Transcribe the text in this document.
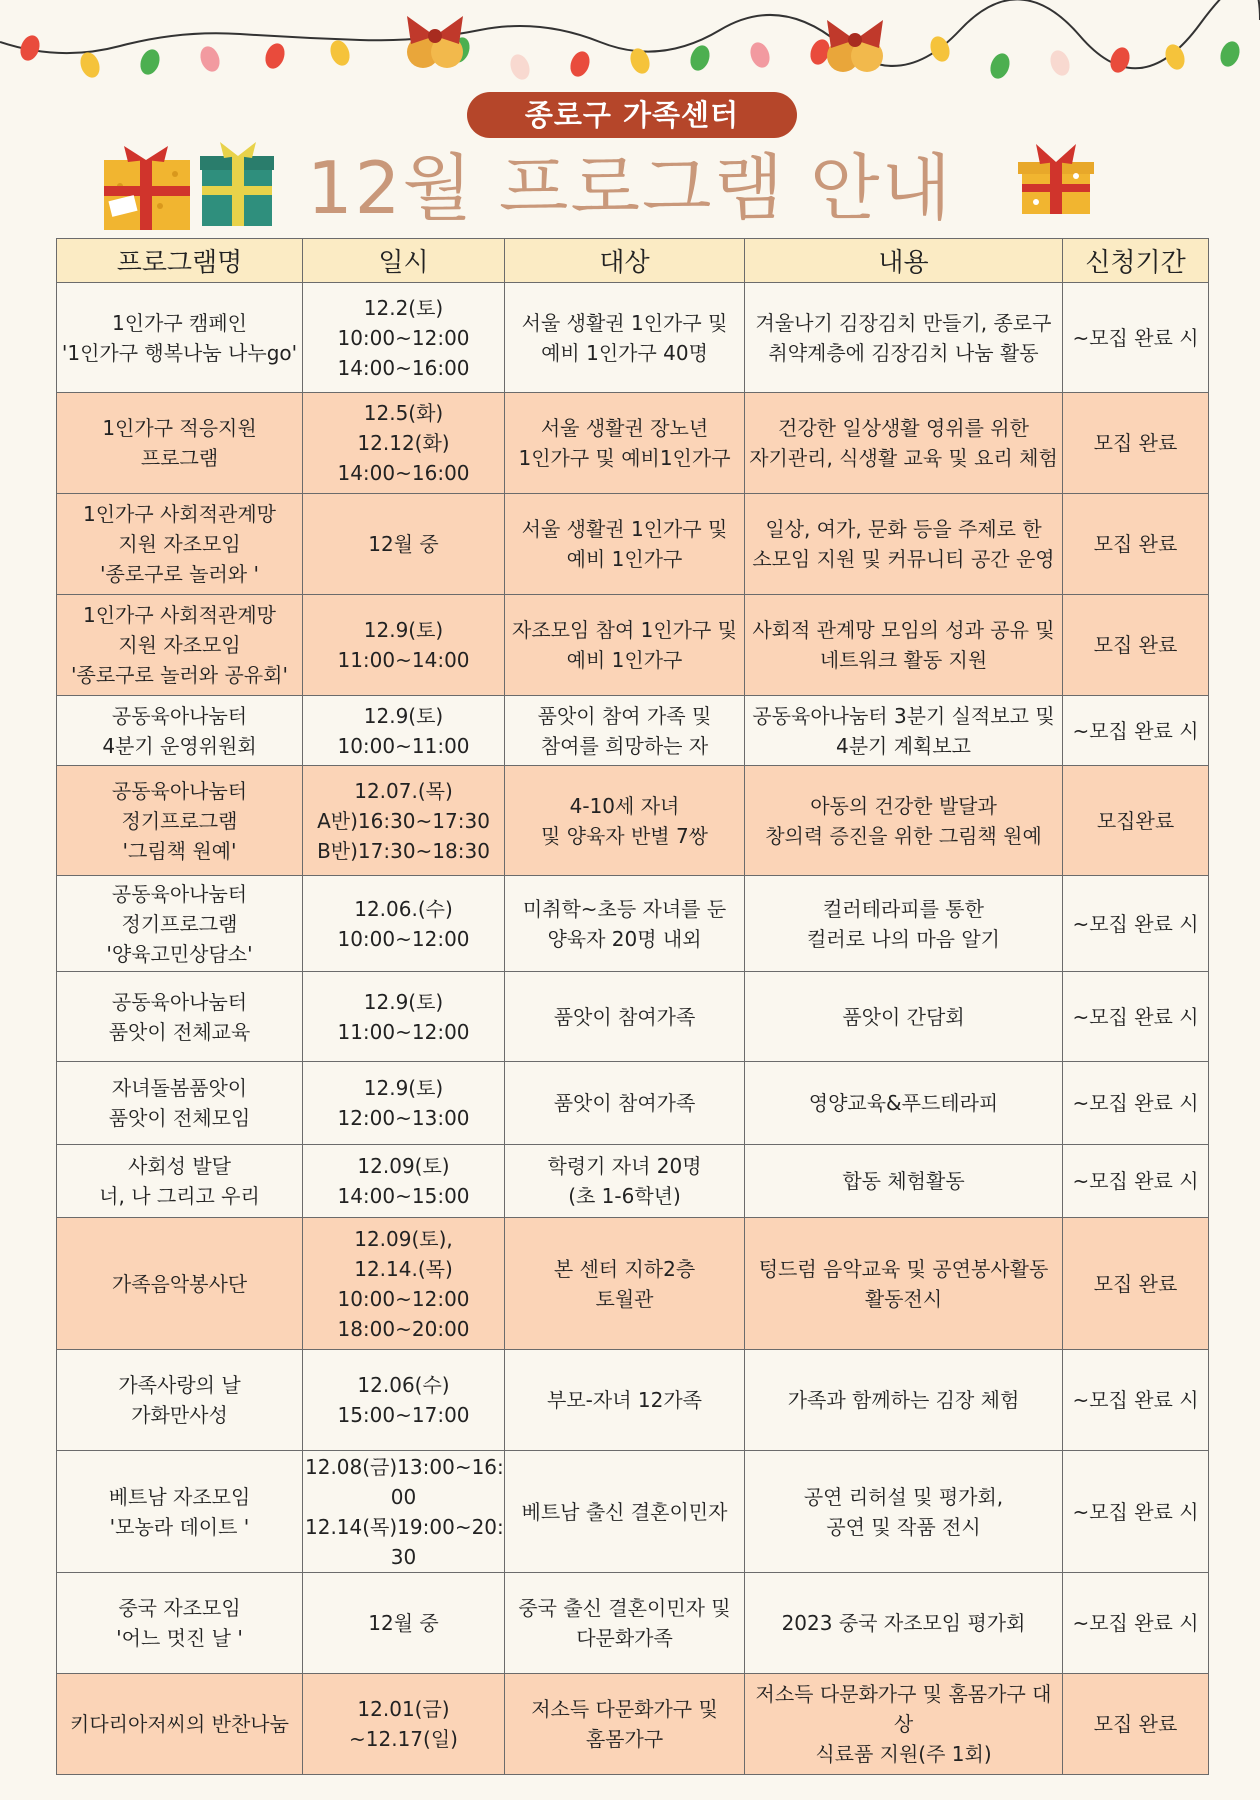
종로구 가족센터
12월 프로그램 안내
프로그램명	일시	대상	내용	신청기간
1인가구 캠페인
'1인가구 행복나눔 나누go'	12.2(토)
10:00~12:00
14:00~16:00	서울 생활권 1인가구 및
예비 1인가구 40명	겨울나기 김장김치 만들기, 종로구
취약계층에 김장김치 나눔 활동	~모집 완료 시
1인가구 적응지원
프로그램	12.5(화)
12.12(화)
14:00~16:00	서울 생활권 장노년
1인가구 및 예비1인가구	건강한 일상생활 영위를 위한
자기관리, 식생활 교육 및 요리 체험	모집 완료
1인가구 사회적관계망
지원 자조모임
'종로구로 놀러와 '	12월 중	서울 생활권 1인가구 및
예비 1인가구	일상, 여가, 문화 등을 주제로 한
소모임 지원 및 커뮤니티 공간 운영	모집 완료
1인가구 사회적관계망
지원 자조모임
'종로구로 놀러와 공유회'	12.9(토)
11:00~14:00	자조모임 참여 1인가구 및
예비 1인가구	사회적 관계망 모임의 성과 공유 및
네트워크 활동 지원	모집 완료
공동육아나눔터
4분기 운영위원회	12.9(토)
10:00~11:00	품앗이 참여 가족 및
참여를 희망하는 자	공동육아나눔터 3분기 실적보고 및
4분기 계획보고	~모집 완료 시
공동육아나눔터
정기프로그램
'그림책 원예'	12.07.(목)
A반)16:30~17:30
B반)17:30~18:30	4-10세 자녀
및 양육자 반별 7쌍	아동의 건강한 발달과
창의력 증진을 위한 그림책 원예	모집완료
공동육아나눔터
정기프로그램
'양육고민상담소'	12.06.(수)
10:00~12:00	미취학~초등 자녀를 둔
양육자 20명 내외	컬러테라피를 통한
컬러로 나의 마음 알기	~모집 완료 시
공동육아나눔터
품앗이 전체교육	12.9(토)
11:00~12:00	품앗이 참여가족	품앗이 간담회	~모집 완료 시
자녀돌봄품앗이
품앗이 전체모임	12.9(토)
12:00~13:00	품앗이 참여가족	영양교육&푸드테라피	~모집 완료 시
사회성 발달
너, 나 그리고 우리	12.09(토)
14:00~15:00	학령기 자녀 20명
(초 1-6학년)	합동 체험활동	~모집 완료 시
가족음악봉사단	12.09(토),
12.14.(목)
10:00~12:00
18:00~20:00	본 센터 지하2층
토월관	텅드럼 음악교육 및 공연봉사활동
활동전시	모집 완료
가족사랑의 날
가화만사성	12.06(수)
15:00~17:00	부모-자녀 12가족	가족과 함께하는 김장 체험	~모집 완료 시
베트남 자조모임
'모농라 데이트 '	12.08(금)13:00~16:
00
12.14(목)19:00~20:
30	베트남 출신 결혼이민자	공연 리허설 및 평가회,
공연 및 작품 전시	~모집 완료 시
중국 자조모임
'어느 멋진 날 '	12월 중	중국 출신 결혼이민자 및
다문화가족	2023 중국 자조모임 평가회	~모집 완료 시
키다리아저씨의 반찬나눔	12.01(금)
~12.17(일)	저소득 다문화가구 및
홈몸가구	저소득 다문화가구 및 홈몸가구 대상
식료품 지원(주 1회)	모집 완료
